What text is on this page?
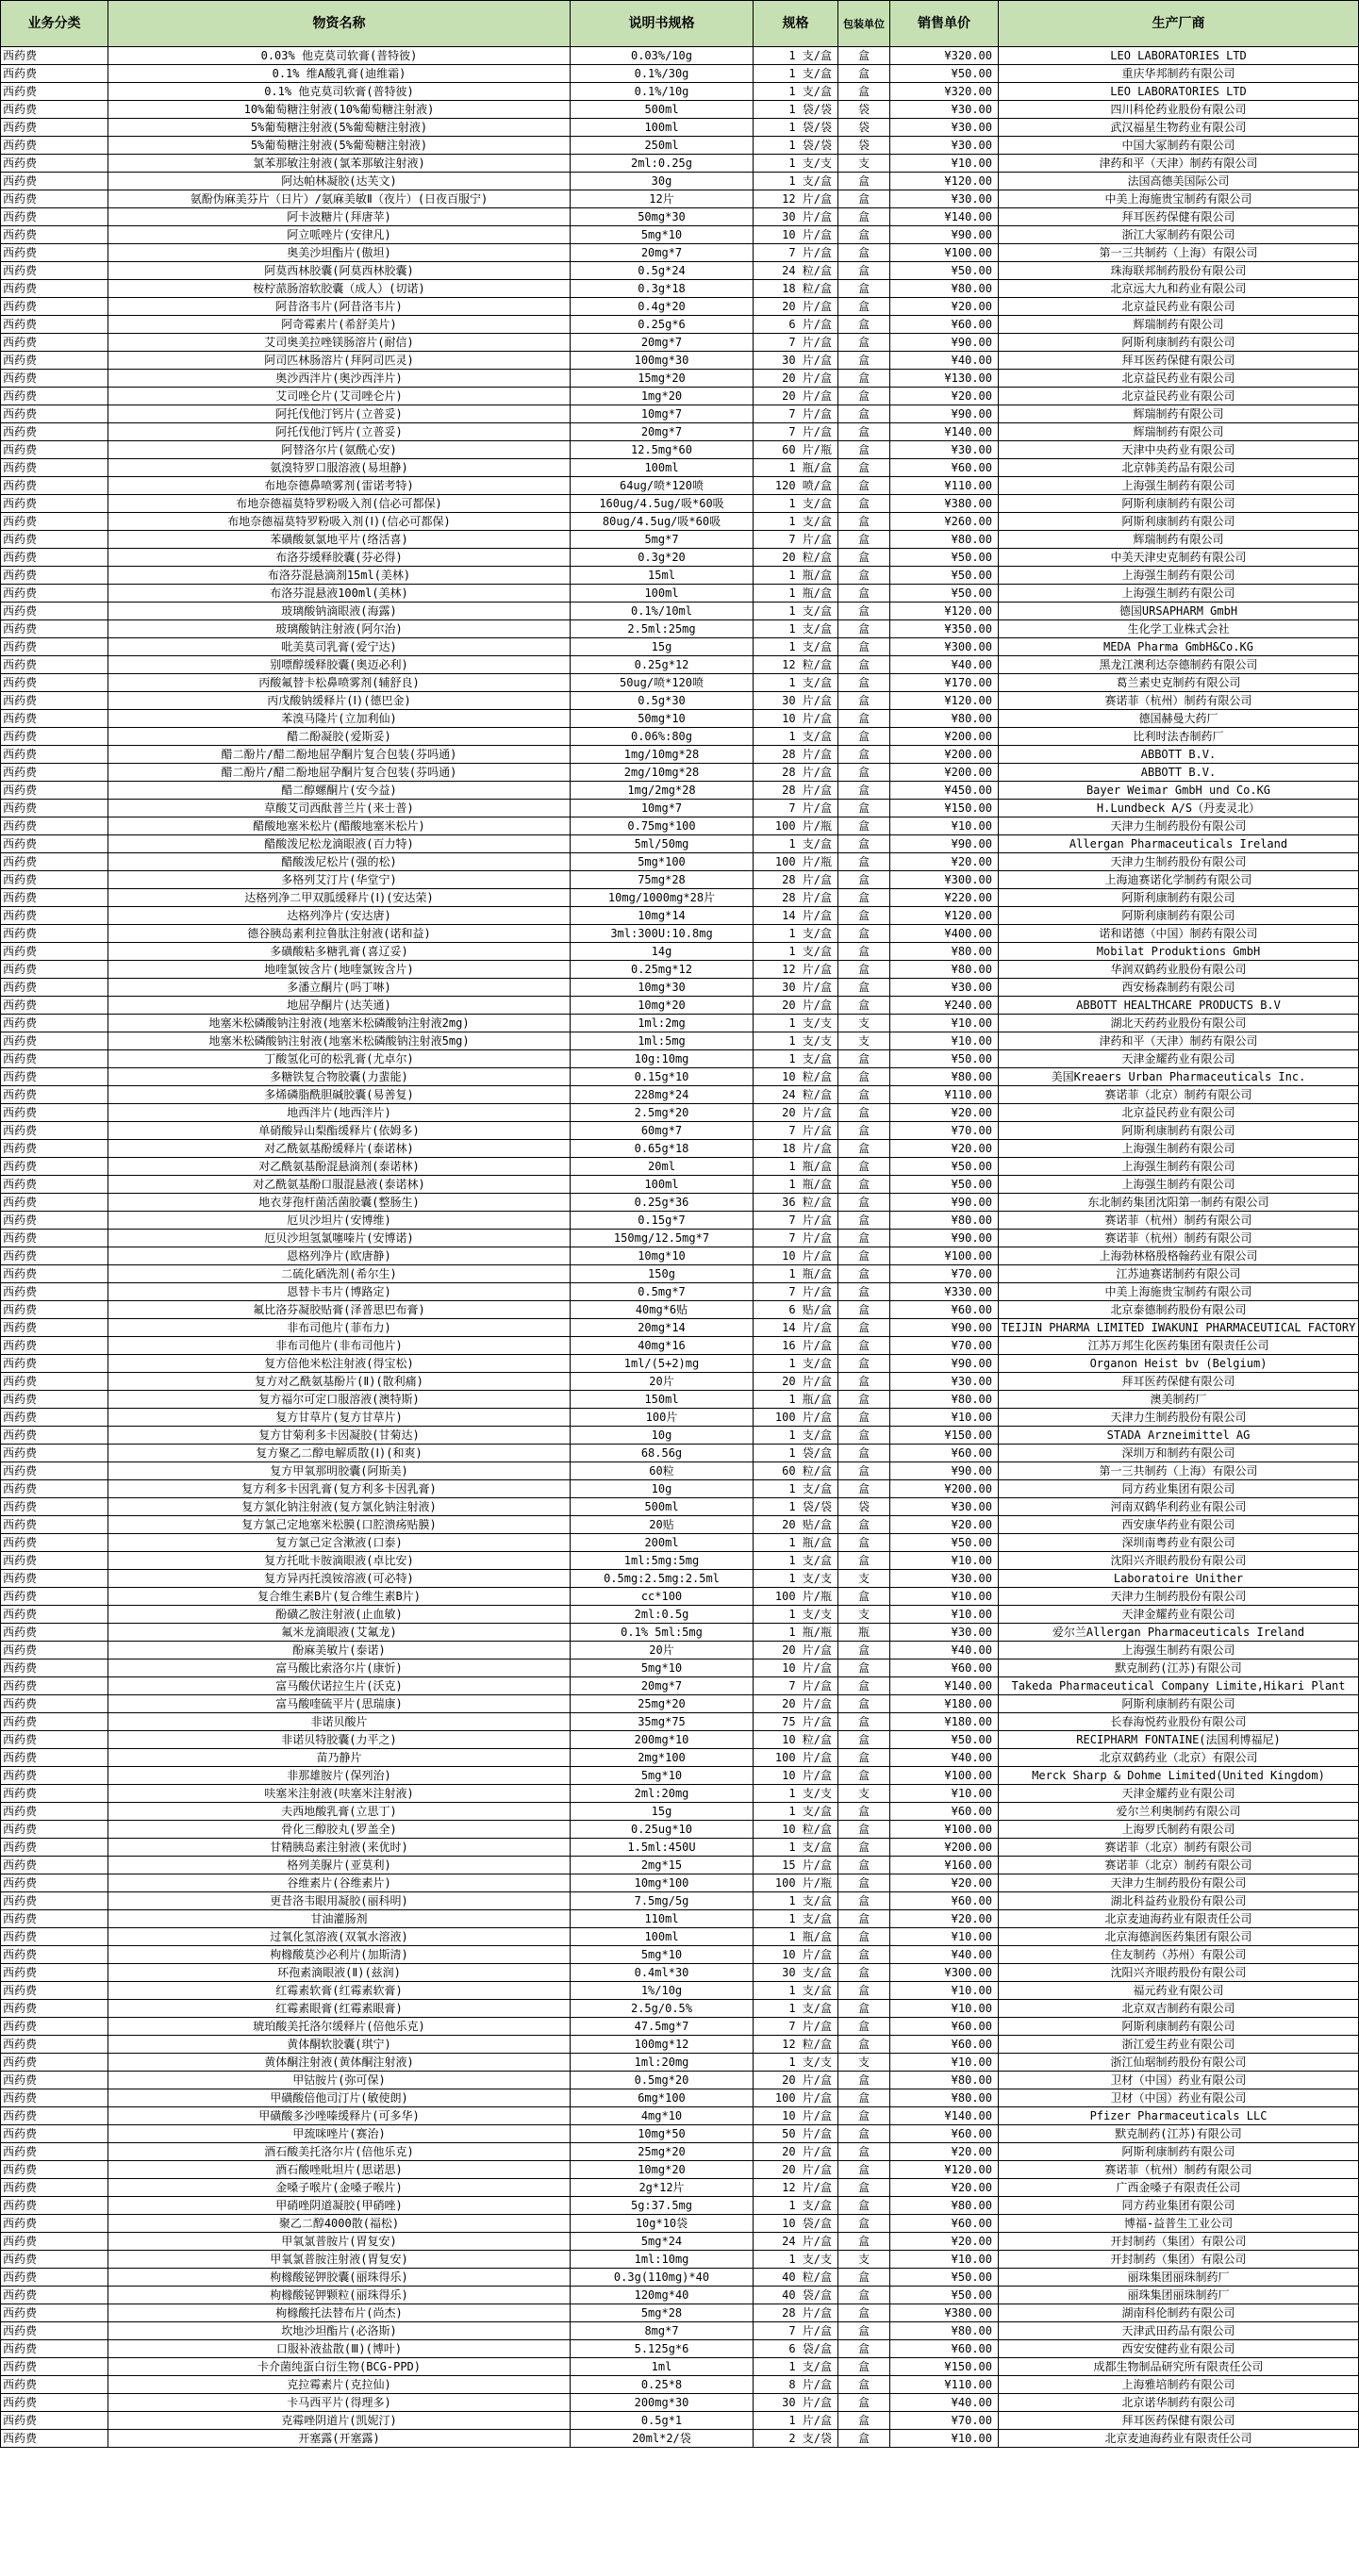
业务分类	物资名称	说明书规格	规格	包装单位	销售单价	生产厂商
西药费	0.03% 他克莫司软膏(普特彼)	0.03%/10g	1 支/盒	盒	¥320.00	LEO LABORATORIES LTD
西药费	0.1% 维A酸乳膏(迪维霜)	0.1%/30g	1 支/盒	盒	¥50.00	重庆华邦制药有限公司
西药费	0.1% 他克莫司软膏(普特彼)	0.1%/10g	1 支/盒	盒	¥320.00	LEO LABORATORIES LTD
西药费	10%葡萄糖注射液(10%葡萄糖注射液)	500ml	1 袋/袋	袋	¥30.00	四川科伦药业股份有限公司
西药费	5%葡萄糖注射液(5%葡萄糖注射液)	100ml	1 袋/袋	袋	¥30.00	武汉福星生物药业有限公司
西药费	5%葡萄糖注射液(5%葡萄糖注射液)	250ml	1 袋/袋	袋	¥30.00	中国大冢制药有限公司
西药费	氯苯那敏注射液(氯苯那敏注射液)	2ml:0.25g	1 支/支	支	¥10.00	津药和平（天津）制药有限公司
西药费	阿达帕林凝胶(达芙文)	30g	1 支/盒	盒	¥120.00	法国高德美国际公司
西药费	氨酚伪麻美芬片（日片）/氨麻美敏Ⅱ（夜片）(日夜百服宁)	12片	12 片/盒	盒	¥30.00	中美上海施贵宝制药有限公司
西药费	阿卡波糖片(拜唐苹)	50mg*30	30 片/盒	盒	¥140.00	拜耳医药保健有限公司
西药费	阿立哌唑片(安律凡)	5mg*10	10 片/盒	盒	¥90.00	浙江大冢制药有限公司
西药费	奥美沙坦酯片(傲坦)	20mg*7	7 片/盒	盒	¥100.00	第一三共制药（上海）有限公司
西药费	阿莫西林胶囊(阿莫西林胶囊)	0.5g*24	24 粒/盒	盒	¥50.00	珠海联邦制药股份有限公司
西药费	桉柠蒎肠溶软胶囊（成人）(切诺)	0.3g*18	18 粒/盒	盒	¥80.00	北京远大九和药业有限公司
西药费	阿昔洛韦片(阿昔洛韦片)	0.4g*20	20 片/盒	盒	¥20.00	北京益民药业有限公司
西药费	阿奇霉素片(希舒美片)	0.25g*6	6 片/盒	盒	¥60.00	辉瑞制药有限公司
西药费	艾司奥美拉唑镁肠溶片(耐信)	20mg*7	7 片/盒	盒	¥90.00	阿斯利康制药有限公司
西药费	阿司匹林肠溶片(拜阿司匹灵)	100mg*30	30 片/盒	盒	¥40.00	拜耳医药保健有限公司
西药费	奥沙西泮片(奥沙西泮片)	15mg*20	20 片/盒	盒	¥130.00	北京益民药业有限公司
西药费	艾司唑仑片(艾司唑仑片)	1mg*20	20 片/盒	盒	¥20.00	北京益民药业有限公司
西药费	阿托伐他汀钙片(立普妥)	10mg*7	7 片/盒	盒	¥90.00	辉瑞制药有限公司
西药费	阿托伐他汀钙片(立普妥)	20mg*7	7 片/盒	盒	¥140.00	辉瑞制药有限公司
西药费	阿替洛尔片(氨酰心安)	12.5mg*60	60 片/瓶	盒	¥30.00	天津中央药业有限公司
西药费	氨溴特罗口服溶液(易坦静)	100ml	1 瓶/盒	盒	¥60.00	北京韩美药品有限公司
西药费	布地奈德鼻喷雾剂(雷诺考特)	64ug/喷*120喷	120 喷/盒	盒	¥110.00	上海强生制药有限公司
西药费	布地奈德福莫特罗粉吸入剂(信必可都保)	160ug/4.5ug/吸*60吸	1 支/盒	盒	¥380.00	阿斯利康制药有限公司
西药费	布地奈德福莫特罗粉吸入剂(Ⅰ)(信必可都保)	80ug/4.5ug/吸*60吸	1 支/盒	盒	¥260.00	阿斯利康制药有限公司
西药费	苯磺酸氨氯地平片(络活喜)	5mg*7	7 片/盒	盒	¥80.00	辉瑞制药有限公司
西药费	布洛芬缓释胶囊(芬必得)	0.3g*20	20 粒/盒	盒	¥50.00	中美天津史克制药有限公司
西药费	布洛芬混悬滴剂15ml(美林)	15ml	1 瓶/盒	盒	¥50.00	上海强生制药有限公司
西药费	布洛芬混悬液100ml(美林)	100ml	1 瓶/盒	盒	¥50.00	上海强生制药有限公司
西药费	玻璃酸钠滴眼液(海露)	0.1%/10ml	1 支/盒	盒	¥120.00	德国URSAPHARM GmbH
西药费	玻璃酸钠注射液(阿尔治)	2.5ml:25mg	1 支/盒	盒	¥350.00	生化学工业株式会社
西药费	吡美莫司乳膏(爱宁达)	15g	1 支/盒	盒	¥300.00	MEDA Pharma GmbH&Co.KG
西药费	别嘌醇缓释胶囊(奥迈必利)	0.25g*12	12 粒/盒	盒	¥40.00	黑龙江澳利达奈德制药有限公司
西药费	丙酸氟替卡松鼻喷雾剂(辅舒良)	50ug/喷*120喷	1 支/盒	盒	¥170.00	葛兰素史克制药有限公司
西药费	丙戊酸钠缓释片(Ⅰ)(德巴金)	0.5g*30	30 片/盒	盒	¥120.00	赛诺菲（杭州）制药有限公司
西药费	苯溴马隆片(立加利仙)	50mg*10	10 片/盒	盒	¥80.00	德国赫曼大药厂
西药费	醋二酚凝胶(爱斯妥)	0.06%:80g	1 支/盒	盒	¥200.00	比利时法杏制药厂
西药费	醋二酚片/醋二酚地屈孕酮片复合包装(芬吗通)	1mg/10mg*28	28 片/盒	盒	¥200.00	ABBOTT B.V.
西药费	醋二酚片/醋二酚地屈孕酮片复合包装(芬吗通)	2mg/10mg*28	28 片/盒	盒	¥200.00	ABBOTT B.V.
西药费	醋二醇螺酮片(安今益)	1mg/2mg*28	28 片/盒	盒	¥450.00	Bayer Weimar GmbH und Co.KG
西药费	草酸艾司西酞普兰片(来士普)	10mg*7	7 片/盒	盒	¥150.00	H.Lundbeck A/S（丹麦灵北）
西药费	醋酸地塞米松片(醋酸地塞米松片)	0.75mg*100	100 片/瓶	盒	¥10.00	天津力生制药股份有限公司
西药费	醋酸泼尼松龙滴眼液(百力特)	5ml/50mg	1 支/盒	盒	¥90.00	Allergan Pharmaceuticals Ireland
西药费	醋酸泼尼松片(强的松)	5mg*100	100 片/瓶	盒	¥20.00	天津力生制药股份有限公司
西药费	多格列艾汀片(华堂宁)	75mg*28	28 片/盒	盒	¥300.00	上海迪赛诺化学制药有限公司
西药费	达格列净二甲双胍缓释片(Ⅰ)(安达荣)	10mg/1000mg*28片	28 片/盒	盒	¥220.00	阿斯利康制药有限公司
西药费	达格列净片(安达唐)	10mg*14	14 片/盒	盒	¥120.00	阿斯利康制药有限公司
西药费	德谷胰岛素利拉鲁肽注射液(诺和益)	3ml:300U:10.8mg	1 支/盒	盒	¥400.00	诺和诺德（中国）制药有限公司
西药费	多磺酸粘多糖乳膏(喜辽妥)	14g	1 支/盒	盒	¥80.00	Mobilat Produktions GmbH
西药费	地喹氯铵含片(地喹氯铵含片)	0.25mg*12	12 片/盒	盒	¥80.00	华润双鹤药业股份有限公司
西药费	多潘立酮片(吗丁啉)	10mg*30	30 片/盒	盒	¥30.00	西安杨森制药有限公司
西药费	地屈孕酮片(达芙通)	10mg*20	20 片/盒	盒	¥240.00	ABBOTT HEALTHCARE PRODUCTS B.V
西药费	地塞米松磷酸钠注射液(地塞米松磷酸钠注射液2mg)	1ml:2mg	1 支/支	支	¥10.00	湖北天药药业股份有限公司
西药费	地塞米松磷酸钠注射液(地塞米松磷酸钠注射液5mg)	1ml:5mg	1 支/支	支	¥10.00	津药和平（天津）制药有限公司
西药费	丁酸氢化可的松乳膏(尤卓尔)	10g:10mg	1 支/盒	盒	¥50.00	天津金耀药业有限公司
西药费	多糖铁复合物胶囊(力蜚能)	0.15g*10	10 粒/盒	盒	¥80.00	美国Kreaers Urban Pharmaceuticals Inc.
西药费	多烯磷脂酰胆碱胶囊(易善复)	228mg*24	24 粒/盒	盒	¥110.00	赛诺菲（北京）制药有限公司
西药费	地西泮片(地西泮片)	2.5mg*20	20 片/盒	盒	¥20.00	北京益民药业有限公司
西药费	单硝酸异山梨酯缓释片(依姆多)	60mg*7	7 片/盒	盒	¥70.00	阿斯利康制药有限公司
西药费	对乙酰氨基酚缓释片(泰诺林)	0.65g*18	18 片/盒	盒	¥20.00	上海强生制药有限公司
西药费	对乙酰氨基酚混悬滴剂(泰诺林)	20ml	1 瓶/盒	盒	¥50.00	上海强生制药有限公司
西药费	对乙酰氨基酚口服混悬液(泰诺林)	100ml	1 瓶/盒	盒	¥50.00	上海强生制药有限公司
西药费	地衣芽孢杆菌活菌胶囊(整肠生)	0.25g*36	36 粒/盒	盒	¥90.00	东北制药集团沈阳第一制药有限公司
西药费	厄贝沙坦片(安博维)	0.15g*7	7 片/盒	盒	¥80.00	赛诺菲（杭州）制药有限公司
西药费	厄贝沙坦氢氯噻嗪片(安博诺)	150mg/12.5mg*7	7 片/盒	盒	¥90.00	赛诺菲（杭州）制药有限公司
西药费	恩格列净片(欧唐静)	10mg*10	10 片/盒	盒	¥100.00	上海勃林格殷格翰药业有限公司
西药费	二硫化硒洗剂(希尔生)	150g	1 瓶/盒	盒	¥70.00	江苏迪赛诺制药有限公司
西药费	恩替卡韦片(博路定)	0.5mg*7	7 片/盒	盒	¥330.00	中美上海施贵宝制药有限公司
西药费	氟比洛芬凝胶贴膏(泽普思巴布膏)	40mg*6贴	6 贴/盒	盒	¥60.00	北京泰德制药股份有限公司
西药费	非布司他片(菲布力)	20mg*14	14 片/盒	盒	¥90.00	TEIJIN PHARMA LIMITED IWAKUNI PHARMACEUTICAL FACTORY
西药费	非布司他片(非布司他片)	40mg*16	16 片/盒	盒	¥70.00	江苏万邦生化医药集团有限责任公司
西药费	复方倍他米松注射液(得宝松)	1ml/(5+2)mg	1 支/盒	盒	¥90.00	Organon Heist bv (Belgium)
西药费	复方对乙酰氨基酚片(Ⅱ)(散利痛)	20片	20 片/盒	盒	¥30.00	拜耳医药保健有限公司
西药费	复方福尔可定口服溶液(澳特斯)	150ml	1 瓶/盒	盒	¥80.00	澳美制药厂
西药费	复方甘草片(复方甘草片)	100片	100 片/盒	盒	¥10.00	天津力生制药股份有限公司
西药费	复方甘菊利多卡因凝胶(甘菊达)	10g	1 支/盒	盒	¥150.00	STADA Arzneimittel AG
西药费	复方聚乙二醇电解质散(Ⅰ)(和爽)	68.56g	1 袋/盒	盒	¥60.00	深圳万和制药有限公司
西药费	复方甲氧那明胶囊(阿斯美)	60粒	60 粒/盒	盒	¥90.00	第一三共制药（上海）有限公司
西药费	复方利多卡因乳膏(复方利多卡因乳膏)	10g	1 支/盒	盒	¥200.00	同方药业集团有限公司
西药费	复方氯化钠注射液(复方氯化钠注射液)	500ml	1 袋/袋	袋	¥30.00	河南双鹤华利药业有限公司
西药费	复方氯己定地塞米松膜(口腔溃疡贴膜)	20贴	20 贴/盒	盒	¥20.00	西安康华药业有限公司
西药费	复方氯己定含漱液(口泰)	200ml	1 瓶/盒	盒	¥50.00	深圳南粤药业有限公司
西药费	复方托吡卡胺滴眼液(卓比安)	1ml:5mg:5mg	1 支/盒	盒	¥10.00	沈阳兴齐眼药股份有限公司
西药费	复方异丙托溴铵溶液(可必特)	0.5mg:2.5mg:2.5ml	1 支/支	支	¥30.00	Laboratoire Unither
西药费	复合维生素B片(复合维生素B片)	cc*100	100 片/瓶	盒	¥10.00	天津力生制药股份有限公司
西药费	酚磺乙胺注射液(止血敏)	2ml:0.5g	1 支/支	支	¥10.00	天津金耀药业有限公司
西药费	氟米龙滴眼液(艾氟龙)	0.1% 5ml:5mg	1 瓶/瓶	瓶	¥30.00	爱尔兰Allergan Pharmaceuticals Ireland
西药费	酚麻美敏片(泰诺)	20片	20 片/盒	盒	¥40.00	上海强生制药有限公司
西药费	富马酸比索洛尔片(康忻)	5mg*10	10 片/盒	盒	¥60.00	默克制药(江苏)有限公司
西药费	富马酸伏诺拉生片(沃克)	20mg*7	7 片/盒	盒	¥140.00	Takeda Pharmaceutical Company Limite,Hikari Plant
西药费	富马酸喹硫平片(思瑞康)	25mg*20	20 片/盒	盒	¥180.00	阿斯利康制药有限公司
西药费	非诺贝酸片	35mg*75	75 片/盒	盒	¥180.00	长春海悦药业股份有限公司
西药费	非诺贝特胶囊(力平之)	200mg*10	10 粒/盒	盒	¥50.00	RECIPHARM FONTAINE(法国利博福尼)
西药费	苗乃静片	2mg*100	100 片/盒	盒	¥40.00	北京双鹤药业（北京）有限公司
西药费	非那雄胺片(保列治)	5mg*10	10 片/盒	盒	¥100.00	Merck Sharp & Dohme Limited(United Kingdom)
西药费	呋塞米注射液(呋塞米注射液)	2ml:20mg	1 支/支	支	¥10.00	天津金耀药业有限公司
西药费	夫西地酸乳膏(立思丁)	15g	1 支/盒	盒	¥60.00	爱尔兰利奥制药有限公司
西药费	骨化三醇胶丸(罗盖全)	0.25ug*10	10 粒/盒	盒	¥100.00	上海罗氏制药有限公司
西药费	甘精胰岛素注射液(来优时)	1.5ml:450U	1 支/盒	盒	¥200.00	赛诺菲（北京）制药有限公司
西药费	格列美脲片(亚莫利)	2mg*15	15 片/盒	盒	¥160.00	赛诺菲（北京）制药有限公司
西药费	谷维素片(谷维素片)	10mg*100	100 片/瓶	盒	¥20.00	天津力生制药股份有限公司
西药费	更昔洛韦眼用凝胶(丽科明)	7.5mg/5g	1 支/盒	盒	¥60.00	湖北科益药业股份有限公司
西药费	甘油灌肠剂	110ml	1 支/盒	盒	¥20.00	北京麦迪海药业有限责任公司
西药费	过氧化氢溶液(双氧水溶液)	100ml	1 瓶/盒	盒	¥10.00	北京海德润医药集团有限公司
西药费	枸橼酸莫沙必利片(加斯清)	5mg*10	10 片/盒	盒	¥40.00	住友制药（苏州）有限公司
西药费	环孢素滴眼液(Ⅱ)(兹润)	0.4ml*30	30 支/盒	盒	¥300.00	沈阳兴齐眼药股份有限公司
西药费	红霉素软膏(红霉素软膏)	1%/10g	1 支/盒	盒	¥10.00	福元药业有限公司
西药费	红霉素眼膏(红霉素眼膏)	2.5g/0.5%	1 支/盒	盒	¥10.00	北京双吉制药有限公司
西药费	琥珀酸美托洛尔缓释片(倍他乐克)	47.5mg*7	7 片/盒	盒	¥60.00	阿斯利康制药有限公司
西药费	黄体酮软胶囊(琪宁)	100mg*12	12 粒/盒	盒	¥60.00	浙江爱生药业有限公司
西药费	黄体酮注射液(黄体酮注射液)	1ml:20mg	1 支/支	支	¥10.00	浙江仙琚制药股份有限公司
西药费	甲钴胺片(弥可保)	0.5mg*20	20 片/盒	盒	¥80.00	卫材（中国）药业有限公司
西药费	甲磺酸倍他司汀片(敏使朗)	6mg*100	100 片/盒	盒	¥80.00	卫材（中国）药业有限公司
西药费	甲磺酸多沙唑嗪缓释片(可多华)	4mg*10	10 片/盒	盒	¥140.00	Pfizer Pharmaceuticals LLC
西药费	甲巯咪唑片(赛治)	10mg*50	50 片/盒	盒	¥60.00	默克制药(江苏)有限公司
西药费	酒石酸美托洛尔片(倍他乐克)	25mg*20	20 片/盒	盒	¥20.00	阿斯利康制药有限公司
西药费	酒石酸唑吡坦片(思诺思)	10mg*20	20 片/盒	盒	¥120.00	赛诺菲（杭州）制药有限公司
西药费	金嗓子喉片(金嗓子喉片)	2g*12片	12 片/盒	盒	¥20.00	广西金嗓子有限责任公司
西药费	甲硝唑阴道凝胶(甲硝唑)	5g:37.5mg	1 支/盒	盒	¥80.00	同方药业集团有限公司
西药费	聚乙二醇4000散(福松)	10g*10袋	10 袋/盒	盒	¥60.00	博福-益普生工业公司
西药费	甲氧氯普胺片(胃复安)	5mg*24	24 片/盒	盒	¥20.00	开封制药（集团）有限公司
西药费	甲氧氯普胺注射液(胃复安)	1ml:10mg	1 支/支	支	¥10.00	开封制药（集团）有限公司
西药费	枸橼酸铋钾胶囊(丽珠得乐)	0.3g(110mg)*40	40 粒/盒	盒	¥50.00	丽珠集团丽珠制药厂
西药费	枸橼酸铋钾颗粒(丽珠得乐)	120mg*40	40 袋/盒	盒	¥50.00	丽珠集团丽珠制药厂
西药费	枸橼酸托法替布片(尚杰)	5mg*28	28 片/盒	盒	¥380.00	湖南科伦制药有限公司
西药费	坎地沙坦酯片(必洛斯)	8mg*7	7 片/盒	盒	¥80.00	天津武田药品有限公司
西药费	口服补液盐散(Ⅲ)(博叶)	5.125g*6	6 袋/盒	盒	¥60.00	西安安健药业有限公司
西药费	卡介菌纯蛋白衍生物(BCG-PPD)	1ml	1 支/盒	盒	¥150.00	成都生物制品研究所有限责任公司
西药费	克拉霉素片(克拉仙)	0.25*8	8 片/盒	盒	¥110.00	上海雅培制药有限公司
西药费	卡马西平片(得理多)	200mg*30	30 片/盒	盒	¥40.00	北京诺华制药有限公司
西药费	克霉唑阴道片(凯妮汀)	0.5g*1	1 片/盒	盒	¥70.00	拜耳医药保健有限公司
西药费	开塞露(开塞露)	20ml*2/袋	2 支/袋	盒	¥10.00	北京麦迪海药业有限责任公司
